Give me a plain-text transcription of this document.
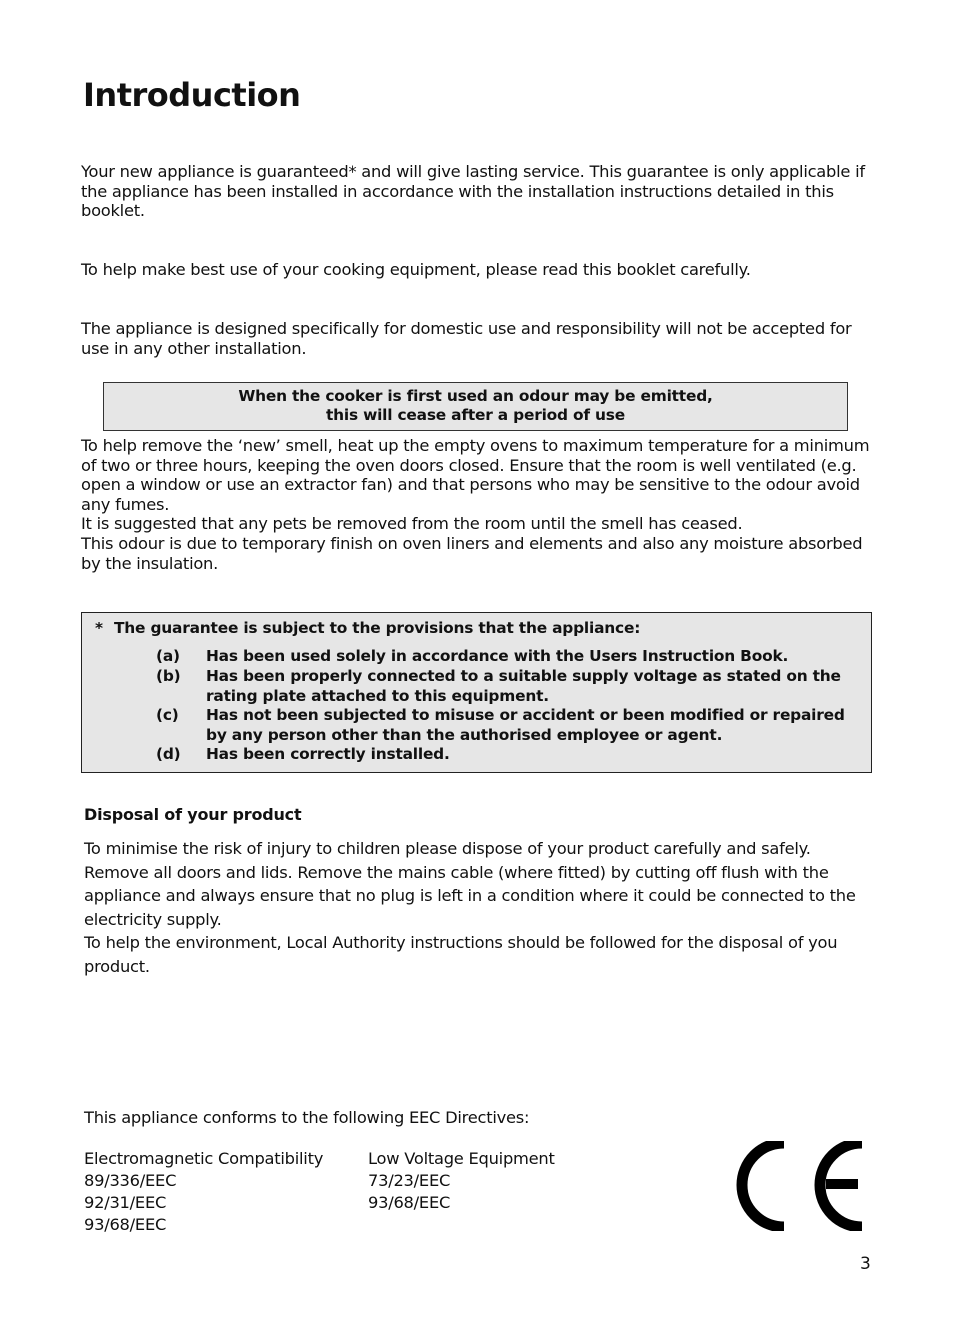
Introduction

Your new appliance is guaranteed* and will give lasting service. This guarantee is only applicable if the appliance has been installed in accordance with the installation instructions detailed in this booklet.

To help make best use of your cooking equipment, please read this booklet carefully.

The appliance is designed specifically for domestic use and responsibility will not be accepted for use in any other installation.

When the cooker is first used an odour may be emitted,
this will cease after a period of use

To help remove the ‘new’ smell, heat up the empty ovens to maximum temperature for a minimum of two or three hours, keeping the oven doors closed. Ensure that the room is well ventilated (e.g. open a window or use an extractor fan) and that persons who may be sensitive to the odour avoid any fumes.

It is suggested that any pets be removed from the room until the smell has ceased.

This odour is due to temporary finish on oven liners and elements and also any moisture absorbed by the insulation.

* The guarantee is subject to the provisions that the appliance:
(a) Has been used solely in accordance with the Users Instruction Book.
(b) Has been properly connected to a suitable supply voltage as stated on the rating plate attached to this equipment.
(c) Has not been subjected to misuse or accident or been modified or repaired by any person other than the authorised employee or agent.
(d) Has been correctly installed.
Disposal of your product

To minimise the risk of injury to children please dispose of your product carefully and safely. Remove all doors and lids. Remove the mains cable (where fitted) by cutting off flush with the appliance and always ensure that no plug is left in a condition where it could be connected to the electricity supply.

To help the environment, Local Authority instructions should be followed for the disposal of you product.

This appliance conforms to the following EEC Directives:
Electromagnetic Compatibility
89/336/EEC
92/31/EEC
93/68/EEC
Low Voltage Equipment
73/23/EEC
93/68/EEC
3
